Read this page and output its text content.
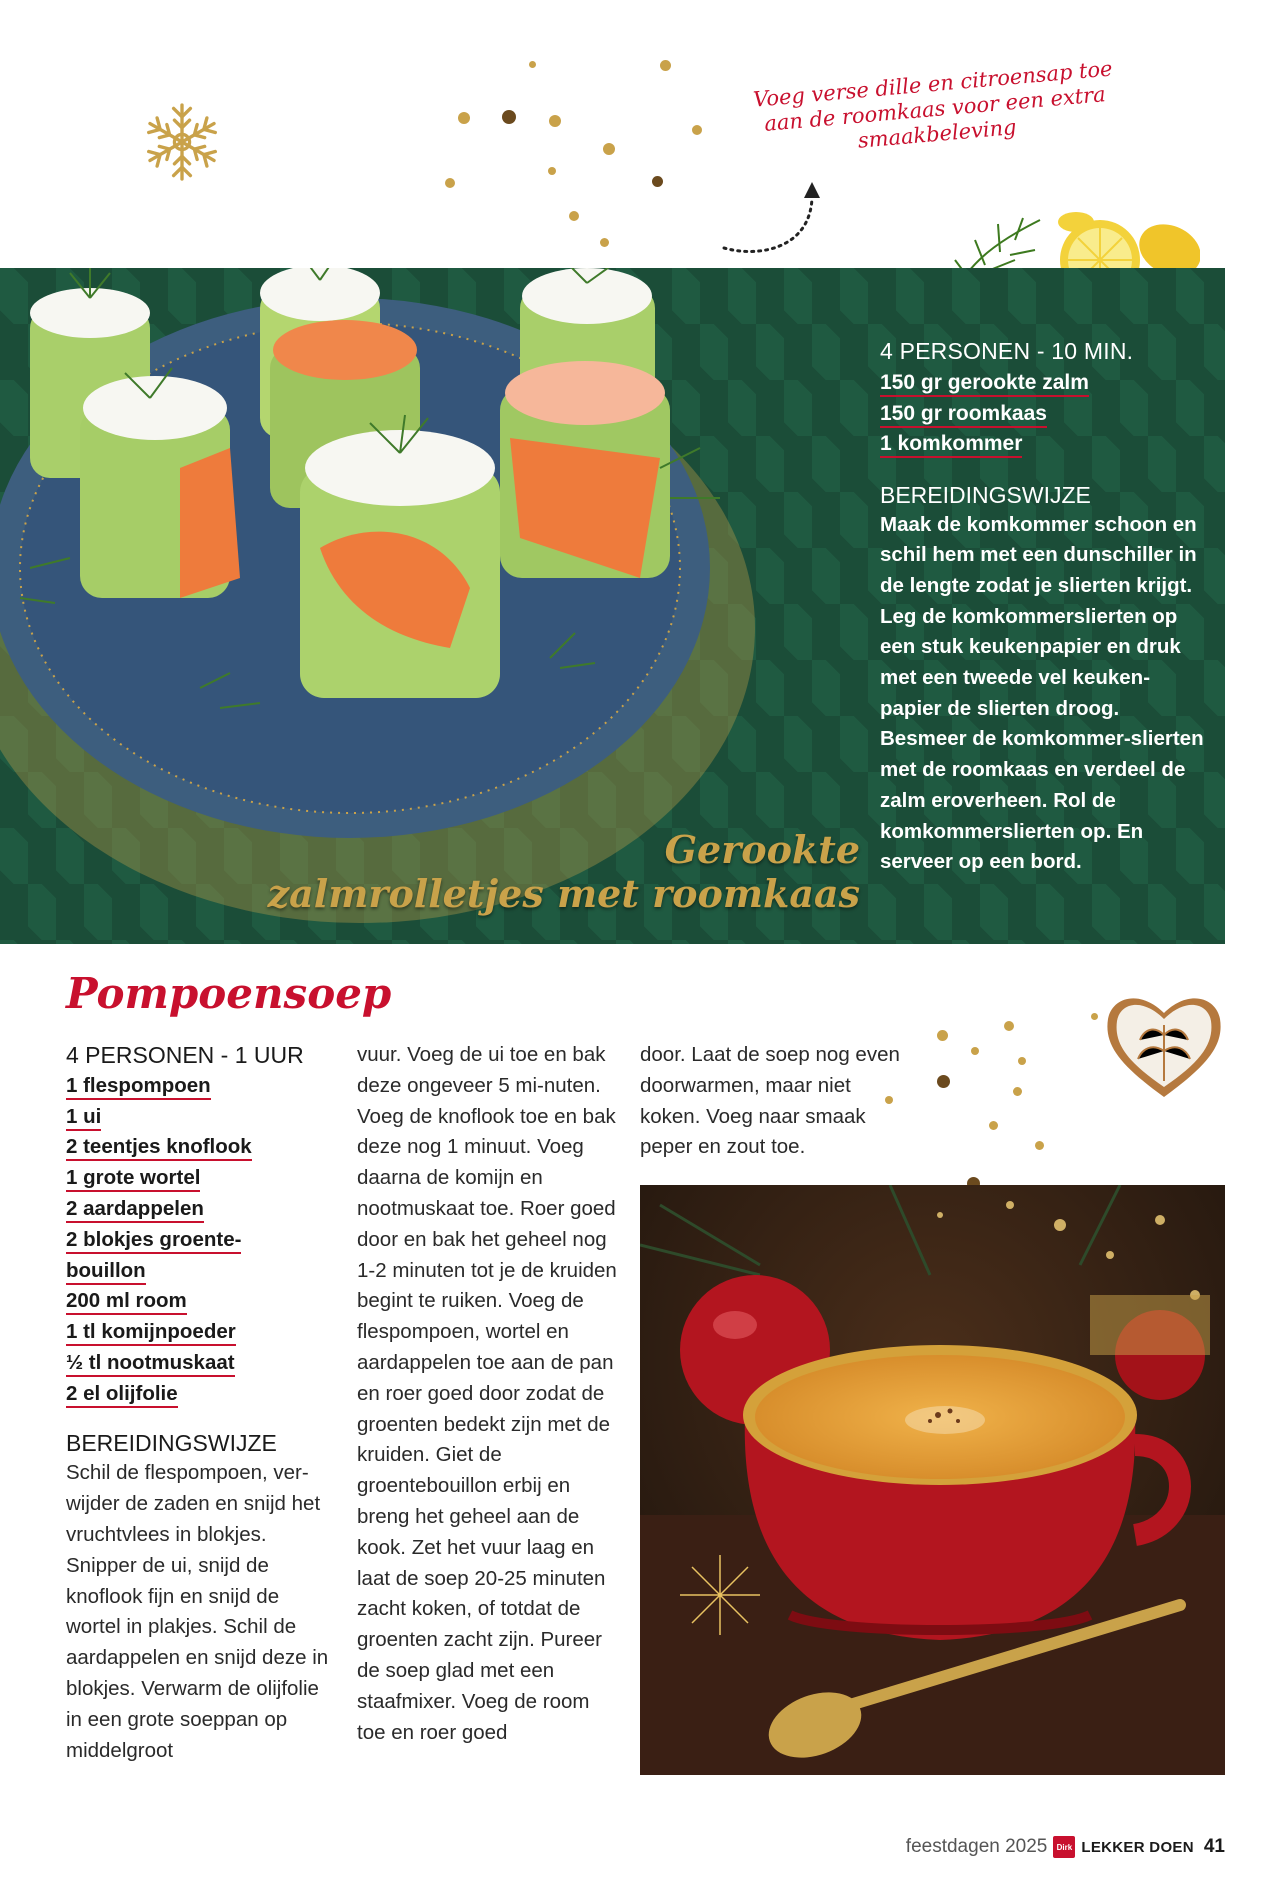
Voeg verse dille en citroensap toe aan de roomkaas voor een extra smaakbeleving
Gerookte
zalmrolletjes met roomkaas
4 PERSONEN - 10 MIN.
150 gr gerookte zalm
150 gr roomkaas
1 komkommer
BEREIDINGSWIJZE
Maak de komkommer schoon en schil hem met een dunschiller in de lengte zodat je slierten krijgt. Leg de komkommerslierten op een stuk keukenpapier en druk met een tweede vel keuken-papier de slierten droog. Besmeer de komkommer-slierten met de roomkaas en verdeel de zalm eroverheen. Rol de komkommerslierten op. En serveer op een bord.
Pompoensoep
4 PERSONEN - 1 UUR
1 flespompoen
1 ui
2 teentjes knoflook
1 grote wortel
2 aardappelen
2 blokjes groente-
bouillon
200 ml room
1 tl komijnpoeder
½ tl nootmuskaat
2 el olijfolie
BEREIDINGSWIJZE
Schil de flespompoen, ver-wijder de zaden en snijd het vruchtvlees in blokjes. Snipper de ui, snijd de knoflook fijn en snijd de wortel in plakjes. Schil de aardappelen en snijd deze in blokjes. Verwarm de olijfolie in een grote soeppan op middelgroot
vuur. Voeg de ui toe en bak deze ongeveer 5 mi-nuten. Voeg de knoflook toe en bak deze nog 1 minuut. Voeg daarna de komijn en nootmuskaat toe. Roer goed door en bak het geheel nog 1-2 minuten tot je de kruiden begint te ruiken. Voeg de flespompoen, wortel en aardappelen toe aan de pan en roer goed door zodat de groenten bedekt zijn met de kruiden. Giet de groentebouillon erbij en breng het geheel aan de kook. Zet het vuur laag en laat de soep 20-25 minuten zacht koken, of totdat de groenten zacht zijn. Pureer de soep glad met een staafmixer. Voeg de room toe en roer goed
door. Laat de soep nog even doorwarmen, maar niet koken. Voeg naar smaak peper en zout toe.
feestdagen 2025	Dirk LEKKER DOEN 41
